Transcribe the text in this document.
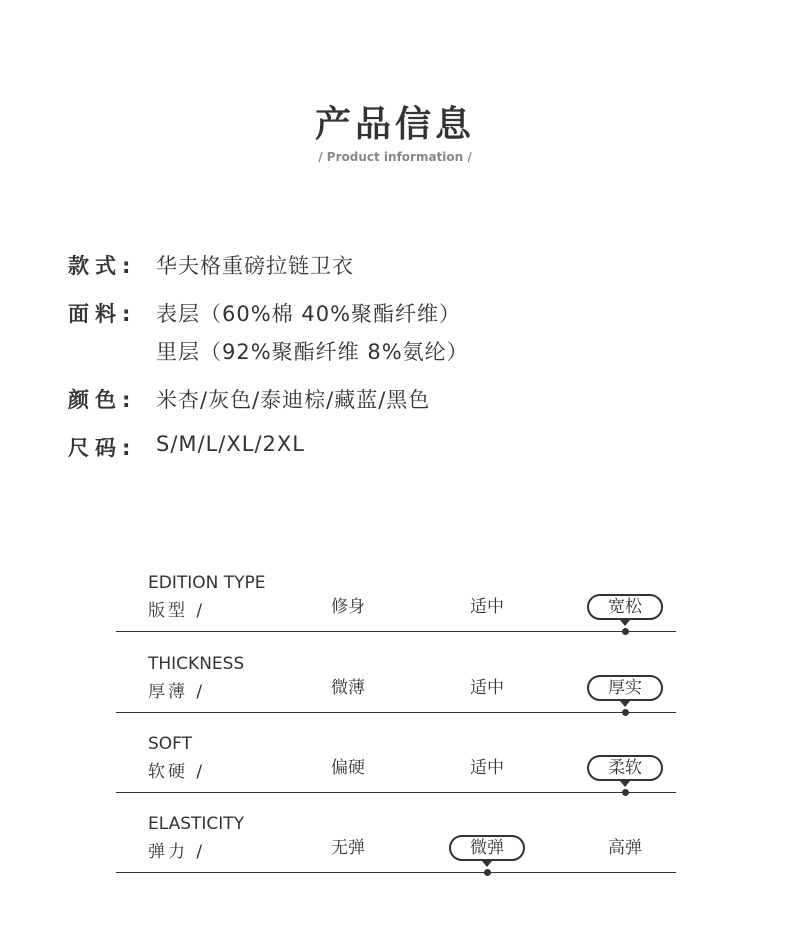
产品信息
/ Product information /
款式: 华夫格重磅拉链卫衣
面料: 表层（60%棉 40%聚酯纤维）
里层（92%聚酯纤维 8%氨纶）
颜色: 米杏/灰色/泰迪棕/藏蓝/黑色
尺码: S/M/L/XL/2XL
EDITION TYPE
版型 /	修身	适中	宽松
THICKNESS
厚薄 /	微薄	适中	厚实
SOFT
软硬 /	偏硬	适中	柔软
ELASTICITY
弹力 /	无弹	微弹	高弹
